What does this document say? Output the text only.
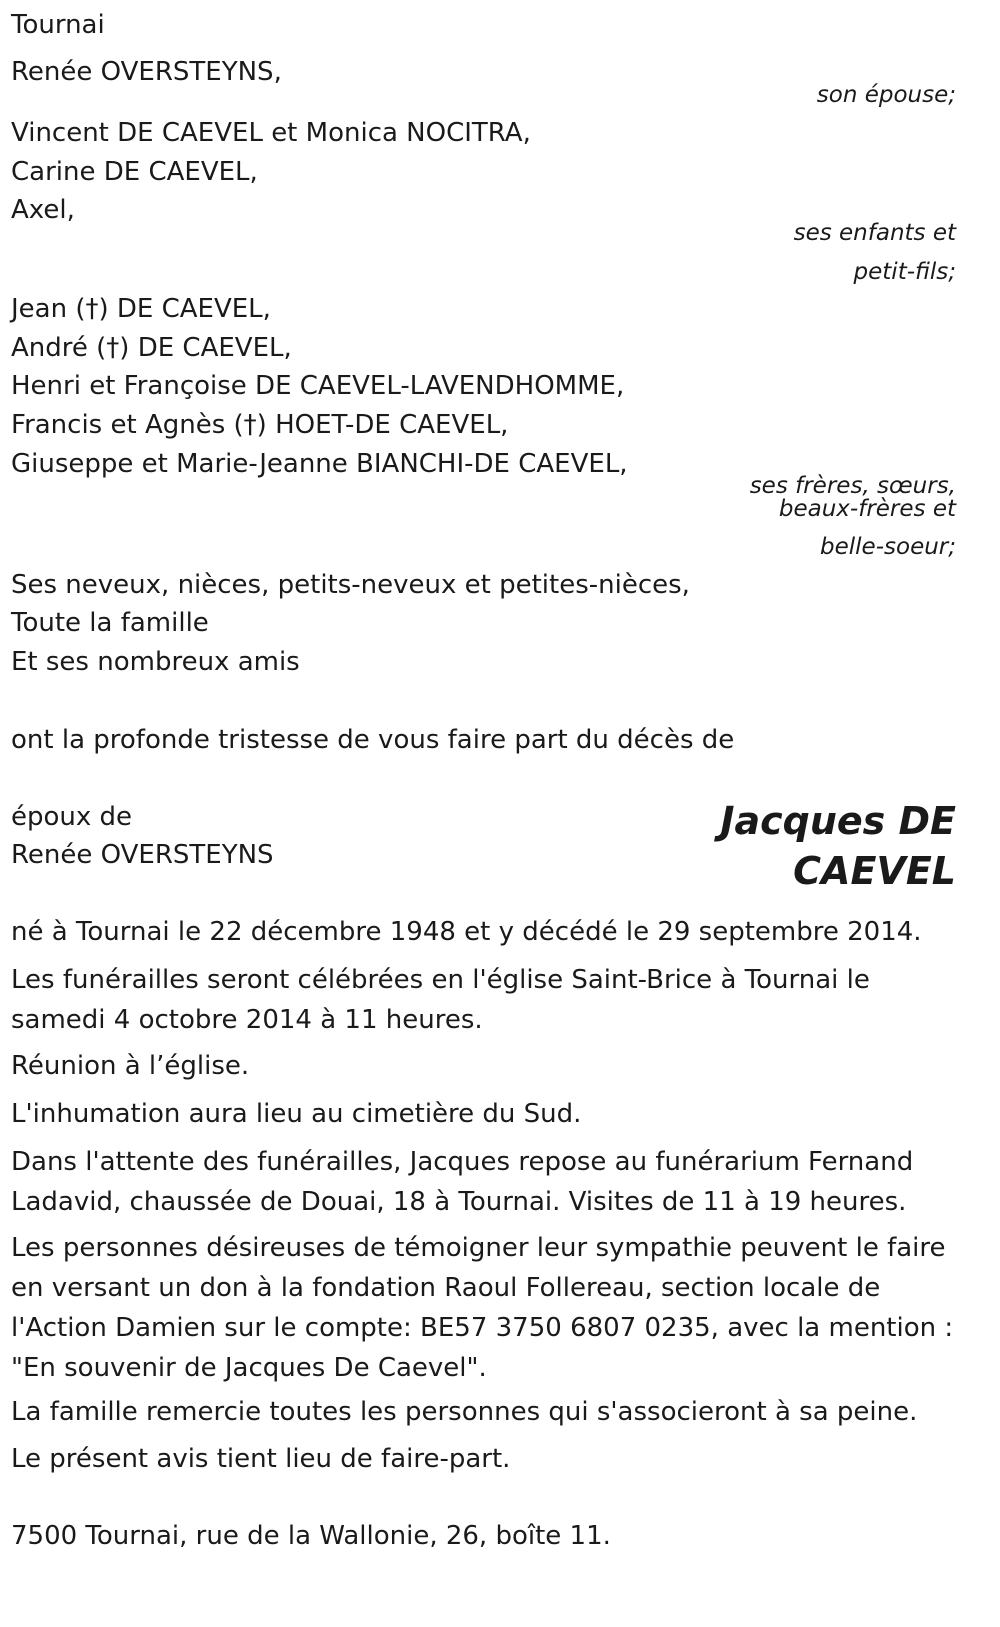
Tournai

Renée OVERSTEYNS,

son épouse;

Vincent DE CAEVEL et Monica NOCITRA,

Carine DE CAEVEL,

Axel,

ses enfants et

petit-fils;

Jean (†) DE CAEVEL,

André (†) DE CAEVEL,

Henri et Françoise DE CAEVEL-LAVENDHOMME,

Francis et Agnès (†) HOET-DE CAEVEL,

Giuseppe et Marie-Jeanne BIANCHI-DE CAEVEL,

ses frères, sœurs,

beaux-frères et

belle-soeur;

Ses neveux, nièces, petits-neveux et petites-nièces,

Toute la famille

Et ses nombreux amis

ont la profonde tristesse de vous faire part du décès de

époux de

Renée OVERSTEYNS

Jacques DE
CAEVEL

né à Tournai le 22 décembre 1948 et y décédé le 29 septembre 2014.

Les funérailles seront célébrées en l'église Saint-Brice à Tournai le samedi 4 octobre 2014 à 11 heures.

Réunion à l’église.

L'inhumation aura lieu au cimetière du Sud.

Dans l'attente des funérailles, Jacques repose au funérarium Fernand Ladavid, chaussée de Douai, 18 à Tournai. Visites de 11 à 19 heures.

Les personnes désireuses de témoigner leur sympathie peuvent le faire en versant un don à la fondation Raoul Follereau, section locale de l'Action Damien sur le compte: BE57 3750 6807 0235, avec la mention : "En souvenir de Jacques De Caevel".

La famille remercie toutes les personnes qui s'associeront à sa peine.

Le présent avis tient lieu de faire-part.

7500 Tournai, rue de la Wallonie, 26, boîte 11.
